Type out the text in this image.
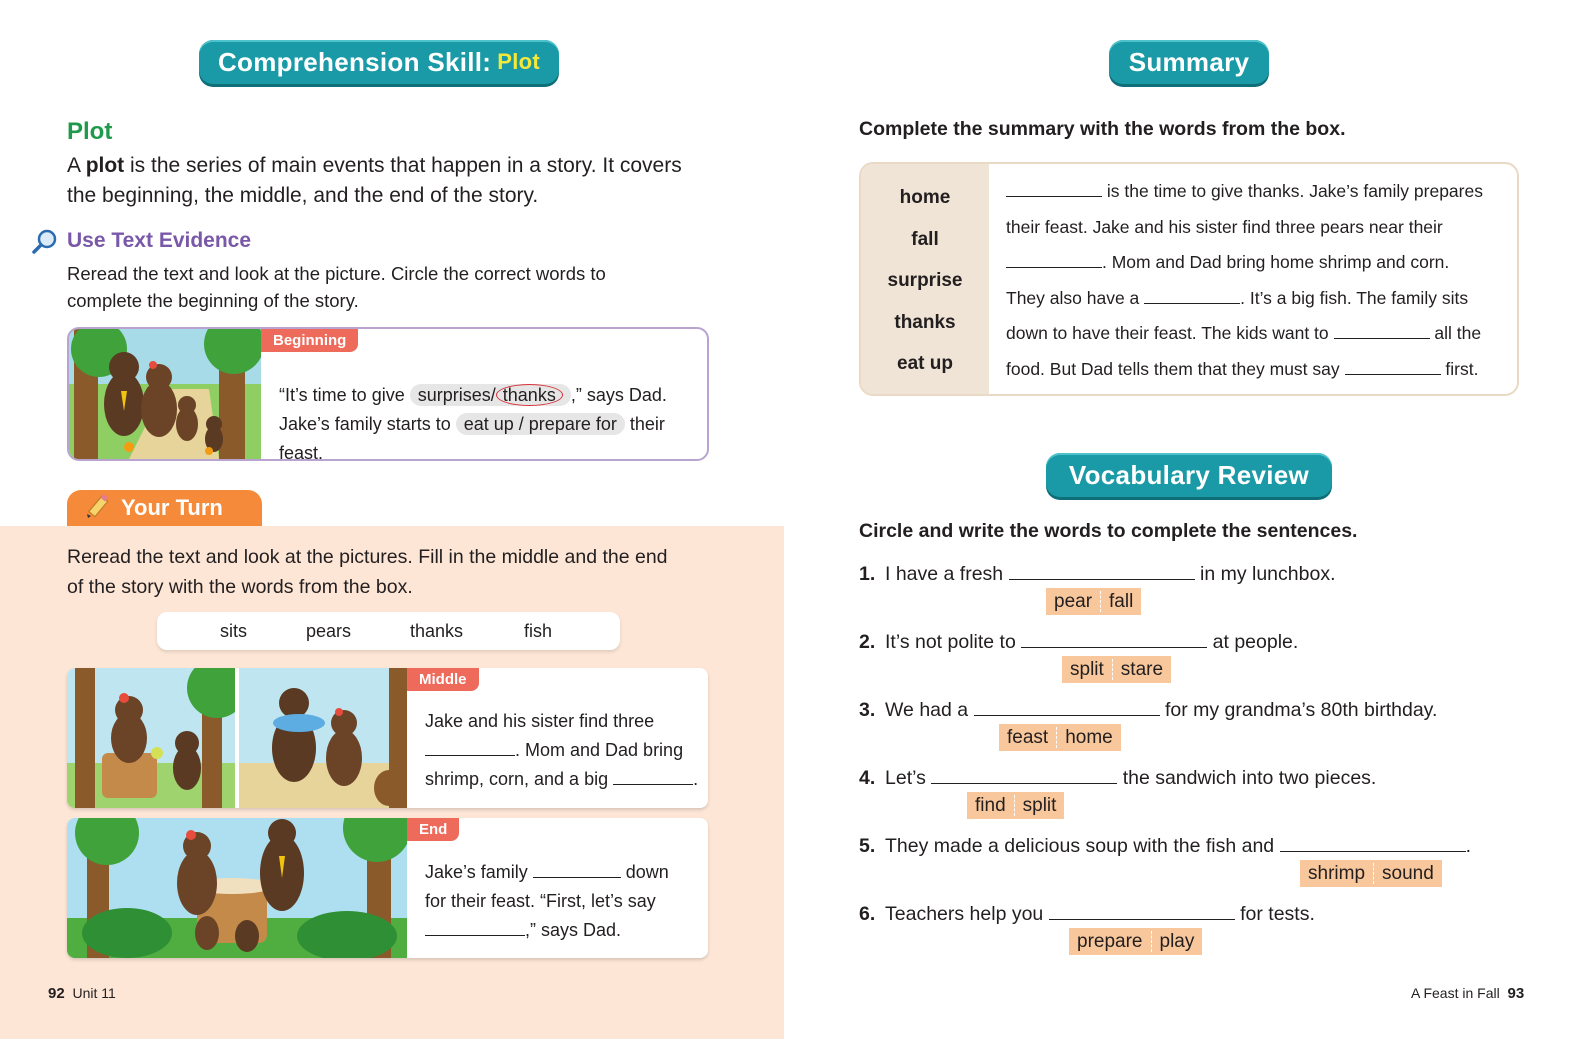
Comprehension Skill: Plot
Plot
A plot is the series of main events that happen in a story. It covers
the beginning, the middle, and the end of the story.
Use Text Evidence
Reread the text and look at the picture. Circle the correct words to
complete the beginning of the story.
Beginning
“It’s time to give surprises/ thanks ,” says Dad.
Jake’s family starts to eat up / prepare for their feast.
Your Turn
Reread the text and look at the pictures. Fill in the middle and the end
of the story with the words from the box.
sits	pears	thanks	fish
Middle
Jake and his sister find three
. Mom and Dad bring
shrimp, corn, and a big	.
End
Jake’s family	down
for their feast. “First, let’s say
,” says Dad.
92 Unit 11
Summary
Complete the summary with the words from the box.
home
fall
surprise
thanks
eat up
is the time to give thanks. Jake’s family prepares
their feast. Jake and his sister find three pears near their
. Mom and Dad bring home shrimp and corn.
They also have a	. It’s a big fish. The family sits
down to have their feast. The kids want to	all the
food. But Dad tells them that they must say	first.
Vocabulary Review
Circle and write the words to complete the sentences.
1. I have a fresh	in my lunchbox.
pear fall
2. It’s not polite to	at people.
split stare
3. We had a	for my grandma’s 80th birthday.
feast home
4. Let’s	the sandwich into two pieces.
find split
5. They made a delicious soup with the fish and	.
shrimp sound
6. Teachers help you	for tests.
prepare play
A Feast in Fall 93
